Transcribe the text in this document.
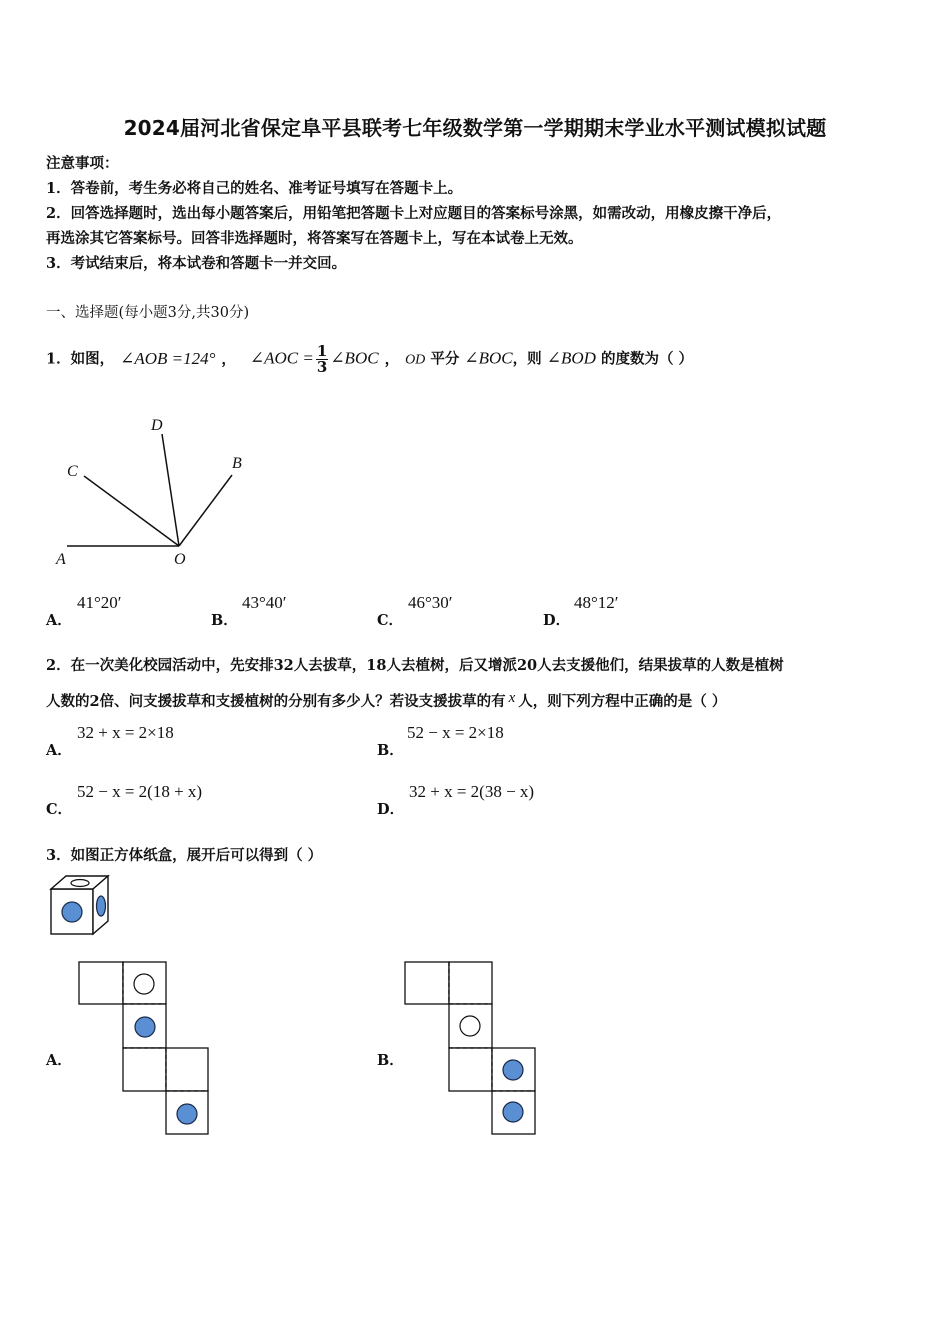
2024届河北省保定阜平县联考七年级数学第一学期期末学业水平测试模拟试题
注意事项：
1．答卷前，考生务必将自己的姓名、准考证号填写在答题卡上。
2．回答选择题时，选出每小题答案后，用铅笔把答题卡上对应题目的答案标号涂黑，如需改动，用橡皮擦干净后，
再选涂其它答案标号。回答非选择题时，将答案写在答题卡上，写在本试卷上无效。
3．考试结束后，将本试卷和答题卡一并交回。
一、选择题(每小题3分,共30分)
1．如图， ∠AOB =124° ， ∠AOC = $\frac{1}{3}$ ∠BOC ， OD 平分 ∠BOC，则 ∠BOD 的度数为（ ）
A	O
C
D
B
A．
41°20′
B．
43°40′
C．
46°30′
D．
48°12′
2．在一次美化校园活动中，先安排32人去拔草，18人去植树，后又增派20人去支援他们，结果拔草的人数是植树
人数的2倍、问支援拔草和支援植树的分别有多少人？若设支援拔草的有 x 人，则下列方程中正确的是（ ）
A．
32 + x = 2×18
B．
52 − x = 2×18
C．
52 − x = 2(18 + x)
D．
32 + x = 2(38 − x)
3．如图正方体纸盒，展开后可以得到（ ）
A．	B．
